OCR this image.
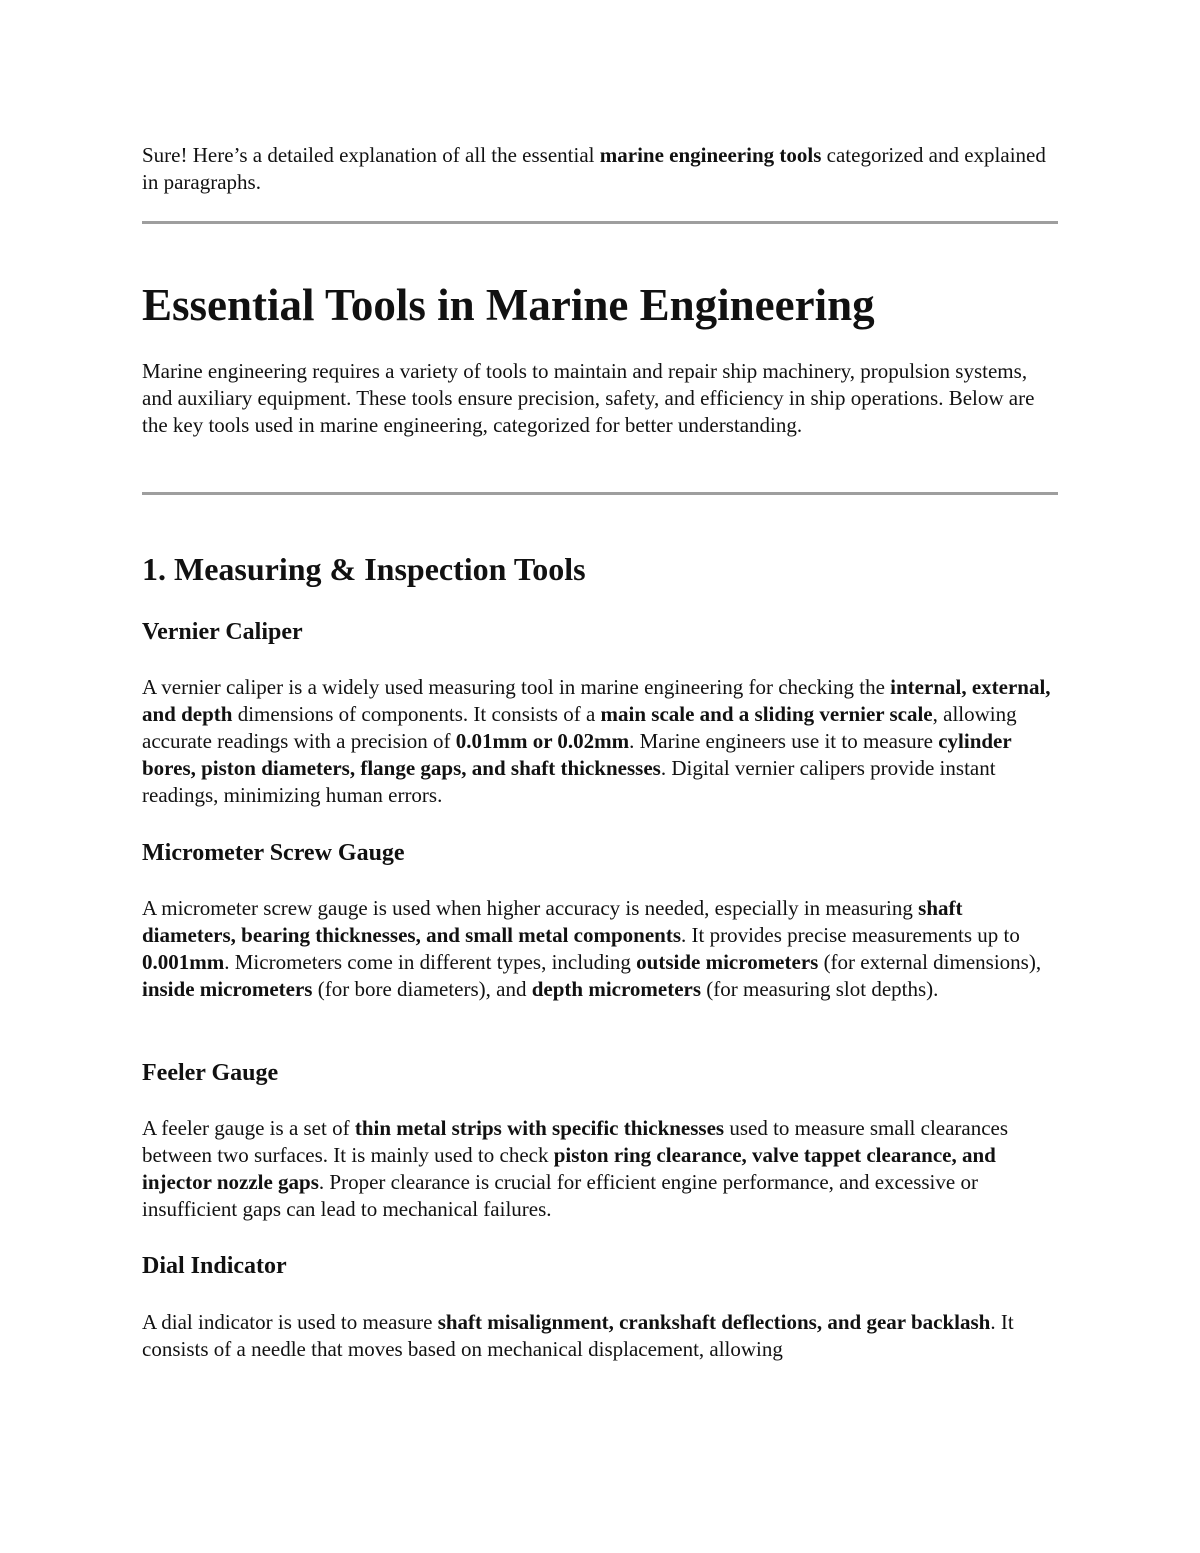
Sure! Here’s a detailed explanation of all the essential marine engineering tools categorized and explained in paragraphs.

Essential Tools in Marine Engineering

Marine engineering requires a variety of tools to maintain and repair ship machinery, propulsion systems, and auxiliary equipment. These tools ensure precision, safety, and efficiency in ship operations. Below are the key tools used in marine engineering, categorized for better understanding.

1. Measuring & Inspection Tools
Vernier Caliper

A vernier caliper is a widely used measuring tool in marine engineering for checking the internal, external, and depth dimensions of components. It consists of a main scale and a sliding vernier scale, allowing accurate readings with a precision of 0.01mm or 0.02mm. Marine engineers use it to measure cylinder bores, piston diameters, flange gaps, and shaft thicknesses. Digital vernier calipers provide instant readings, minimizing human errors.

Micrometer Screw Gauge

A micrometer screw gauge is used when higher accuracy is needed, especially in measuring shaft diameters, bearing thicknesses, and small metal components. It provides precise measurements up to 0.001mm. Micrometers come in different types, including outside micrometers (for external dimensions), inside micrometers (for bore diameters), and depth micrometers (for measuring slot depths).

Feeler Gauge

A feeler gauge is a set of thin metal strips with specific thicknesses used to measure small clearances between two surfaces. It is mainly used to check piston ring clearance, valve tappet clearance, and injector nozzle gaps. Proper clearance is crucial for efficient engine performance, and excessive or insufficient gaps can lead to mechanical failures.

Dial Indicator

A dial indicator is used to measure shaft misalignment, crankshaft deflections, and gear backlash. It consists of a needle that moves based on mechanical displacement, allowing
